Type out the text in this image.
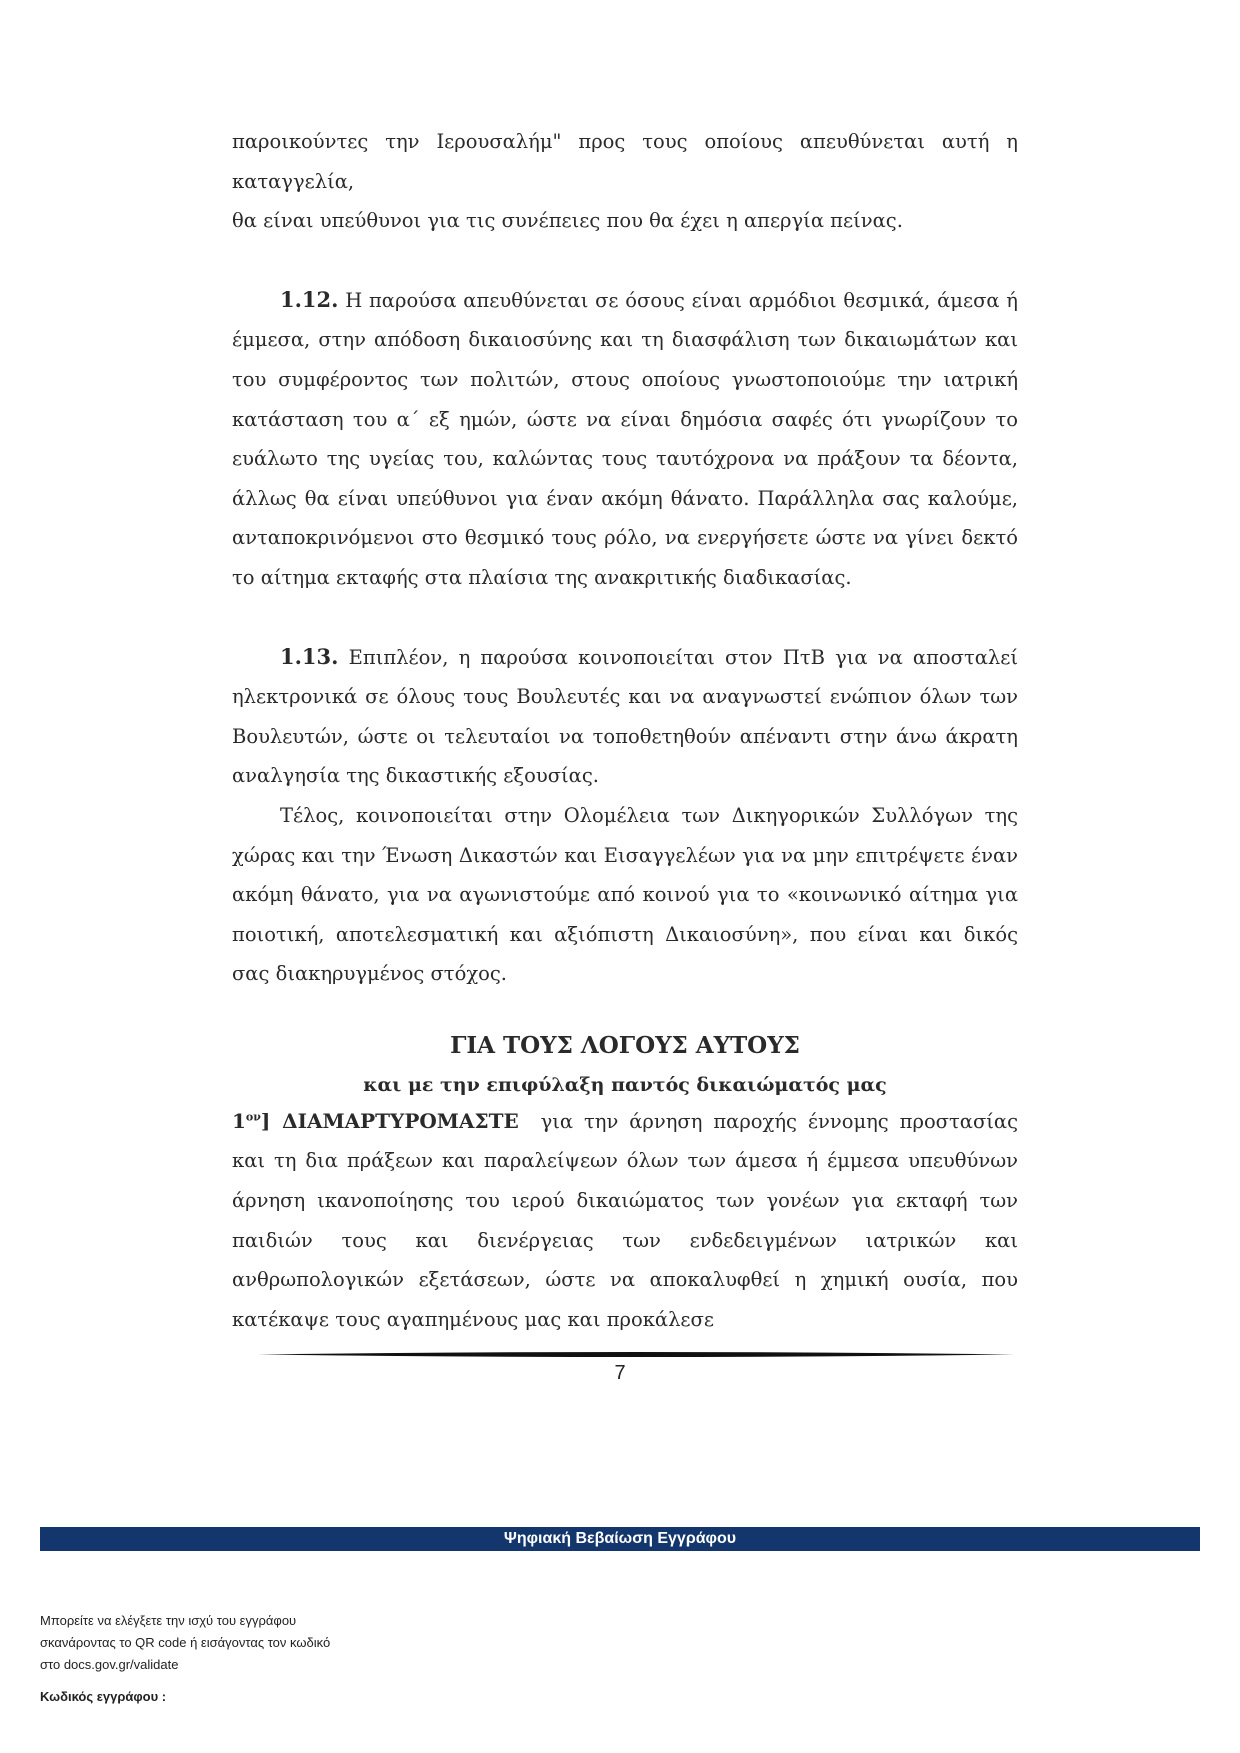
παροικούντες την Ιερουσαλήμ" προς τους οποίους απευθύνεται αυτή η καταγγελία,

θα είναι υπεύθυνοι για τις συνέπειες που θα έχει η απεργία πείνας.

1.12. Η παρούσα απευθύνεται σε όσους είναι αρμόδιοι θεσμικά, άμεσα ή έμμεσα, στην απόδοση δικαιοσύνης και τη διασφάλιση των δικαιωμάτων και του συμφέροντος των πολιτών, στους οποίους γνωστοποιούμε την ιατρική κατάσταση του α΄ εξ ημών, ώστε να είναι δημόσια σαφές ότι γνωρίζουν το ευάλωτο της υγείας του, καλώντας τους ταυτόχρονα να πράξουν τα δέοντα, άλλως θα είναι υπεύθυνοι για έναν ακόμη θάνατο. Παράλληλα σας καλούμε, ανταποκρινόμενοι στο θεσμικό τους ρόλο, να ενεργήσετε ώστε να γίνει δεκτό το αίτημα εκταφής στα πλαίσια της ανακριτικής διαδικασίας.

1.13. Επιπλέον, η παρούσα κοινοποιείται στον ΠτΒ για να αποσταλεί ηλεκτρονικά σε όλους τους Βουλευτές και να αναγνωστεί ενώπιον όλων των Βουλευτών, ώστε οι τελευταίοι να τοποθετηθούν απέναντι στην άνω άκρατη αναλγησία της δικαστικής εξουσίας.

Τέλος, κοινοποιείται στην Ολομέλεια των Δικηγορικών Συλλόγων της χώρας και την Ένωση Δικαστών και Εισαγγελέων για να μην επιτρέψετε έναν ακόμη θάνατο, για να αγωνιστούμε από κοινού για το «κοινωνικό αίτημα για ποιοτική, αποτελεσματική και αξιόπιστη Δικαιοσύνη», που είναι και δικός σας διακηρυγμένος στόχος.

ΓΙΑ ΤΟΥΣ ΛΟΓΟΥΣ ΑΥΤΟΥΣ
και με την επιφύλαξη παντός δικαιώματός μας

$1^{o\nu}$] ΔΙΑΜΑΡΤΥΡΟΜΑΣΤΕ για την άρνηση παροχής έννομης προστασίας και τη δια πράξεων και παραλείψεων όλων των άμεσα ή έμμεσα υπευθύνων άρνηση ικανοποίησης του ιερού δικαιώματος των γονέων για εκταφή των παιδιών τους και διενέργειας των ενδεδειγμένων ιατρικών και ανθρωπολογικών εξετάσεων, ώστε να αποκαλυφθεί η χημική ουσία, που κατέκαψε τους αγαπημένους μας και προκάλεσε

7
Ψηφιακή Βεβαίωση Εγγράφου
Μπορείτε να ελέγξετε την ισχύ του εγγράφου
σκανάροντας το QR code ή εισάγοντας τον κωδικό
στο docs.gov.gr/validate
Κωδικός εγγράφου :
